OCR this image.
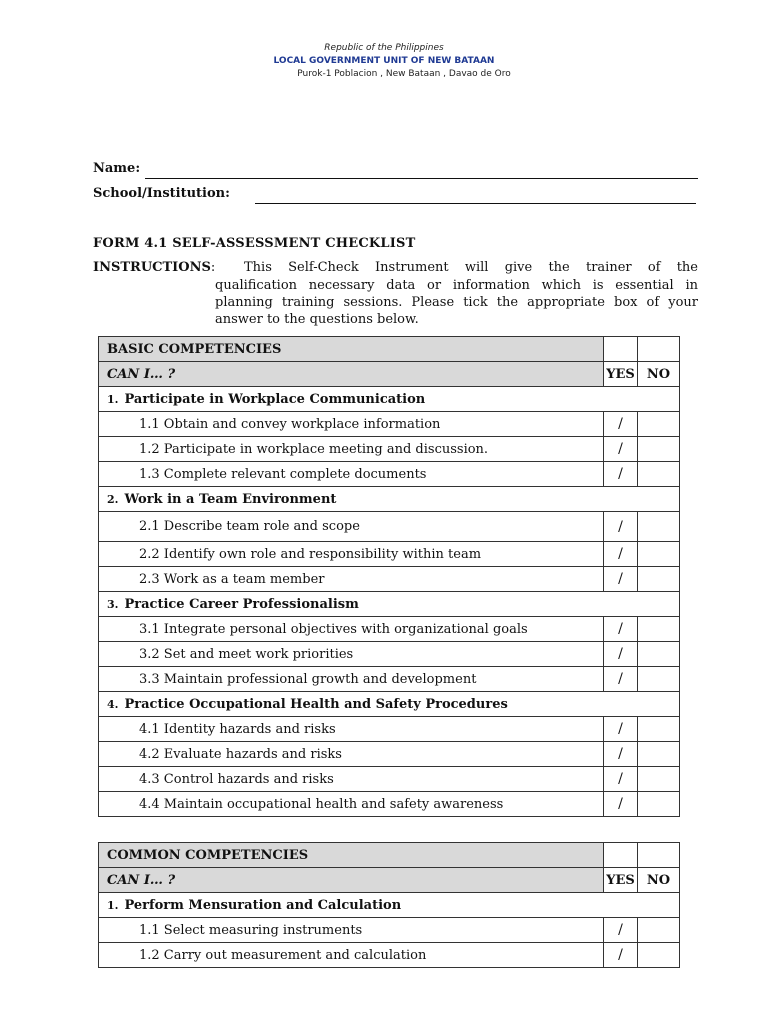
Republic of the Philippines
LOCAL GOVERNMENT UNIT OF NEW BATAAN
Purok-1 Poblacion , New Bataan , Davao de Oro
Name:
School/Institution:
FORM 4.1 SELF-ASSESSMENT CHECKLIST
INSTRUCTIONS: This Self-Check Instrument will give the trainer of the
qualification necessary data or information which is essential in planning training sessions. Please tick the appropriate box of your answer to the questions below.
BASIC COMPETENCIES		
CAN I… ?	YES	NO
1. Participate in Workplace Communication		
1.1 Obtain and convey workplace information	/	
1.2 Participate in workplace meeting and discussion.	/	
1.3 Complete relevant complete documents	/	
2. Work in a Team Environment		
2.1 Describe team role and scope	/	
2.2 Identify own role and responsibility within team	/	
2.3 Work as a team member	/	
3. Practice Career Professionalism		
3.1 Integrate personal objectives with organizational goals	/	
3.2 Set and meet work priorities	/	
3.3 Maintain professional growth and development	/	
4. Practice Occupational Health and Safety Procedures		
4.1 Identity hazards and risks	/	
4.2 Evaluate hazards and risks	/	
4.3 Control hazards and risks	/	
4.4 Maintain occupational health and safety awareness	/	
COMMON COMPETENCIES		
CAN I… ?	YES	NO
1. Perform Mensuration and Calculation		
1.1 Select measuring instruments	/	
1.2 Carry out measurement and calculation	/	
